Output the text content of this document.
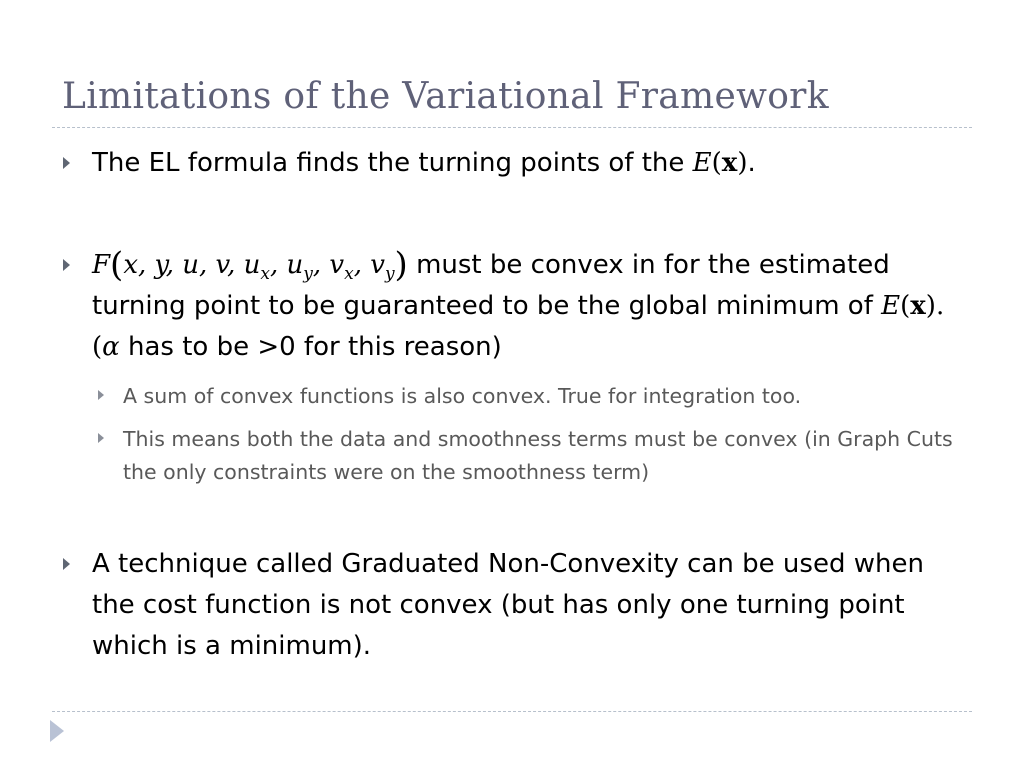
Limitations of the Variational Framework
The EL formula finds the turning points of the E(x).
F(x, y, u, v, $u_x$, $u_y$, $v_x$, $v_y$) must be convex in for the estimated turning point to be guaranteed to be the global minimum of E(x). (α has to be >0 for this reason)
A sum of convex functions is also convex. True for integration too.
This means both the data and smoothness terms must be convex (in Graph Cuts the only constraints were on the smoothness term)
A technique called Graduated Non-Convexity can be used when the cost function is not convex (but has only one turning point which is a minimum).
